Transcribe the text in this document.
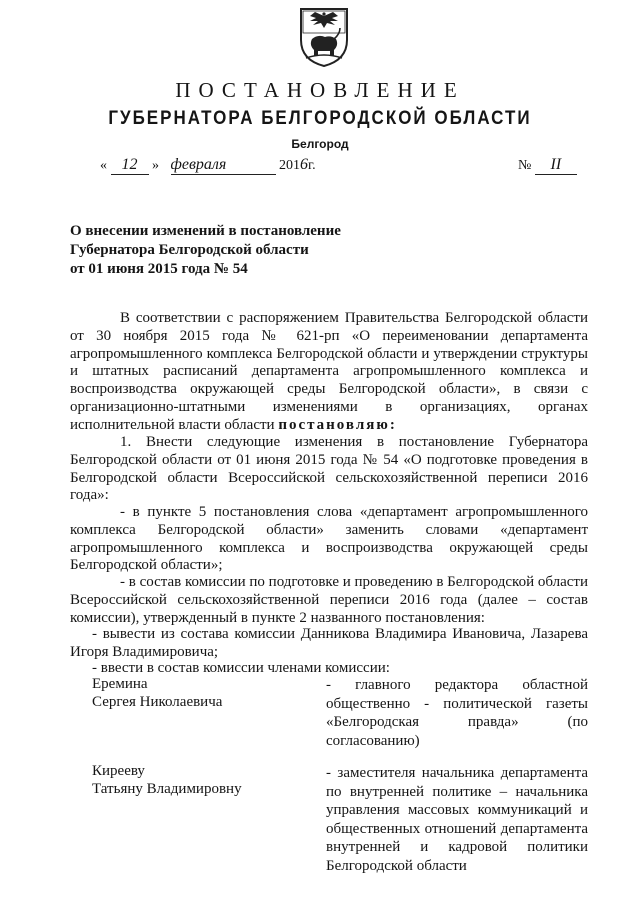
ПОСТАНОВЛЕНИЕ
ГУБЕРНАТОРА БЕЛГОРОДСКОЙ ОБЛАСТИ
Белгород
« 12 » февраля	2016г.	№ II
О внесении изменений в постановление
Губернатора Белгородской области
от 01 июня 2015 года № 54
В соответствии с распоряжением Правительства Белгородской области от 30 ноября 2015 года № 621-рп «О переименовании департамента агропромышленного комплекса Белгородской области и утверждении структуры и штатных расписаний департамента агропромышленного комплекса и воспроизводства окружающей среды Белгородской области», в связи с организационно-штатными изменениями в организациях, органах исполнительной власти области постановляю:
1. Внести следующие изменения в постановление Губернатора Белгородской области от 01 июня 2015 года № 54 «О подготовке проведения в Белгородской области Всероссийской сельскохозяйственной переписи 2016 года»:
- в пункте 5 постановления слова «департамент агропромышленного комплекса Белгородской области» заменить словами «департамент агропромышленного комплекса и воспроизводства окружающей среды Белгородской области»;
- в состав комиссии по подготовке и проведению в Белгородской области Всероссийской сельскохозяйственной переписи 2016 года (далее – состав комиссии), утвержденный в пункте 2 названного постановления:
- вывести из состава комиссии Данникова Владимира Ивановича, Лазарева Игоря Владимировича;
- ввести в состав комиссии членами комиссии:
Еремина
Сергея Николаевича
- главного редактора областной общественно - политической газеты «Белгородская правда» (по согласованию)
Кирееву
Татьяну Владимировну
- заместителя начальника департамента по внутренней политике – начальника управления массовых коммуникаций и общественных отношений департамента внутренней и кадровой политики Белгородской области
